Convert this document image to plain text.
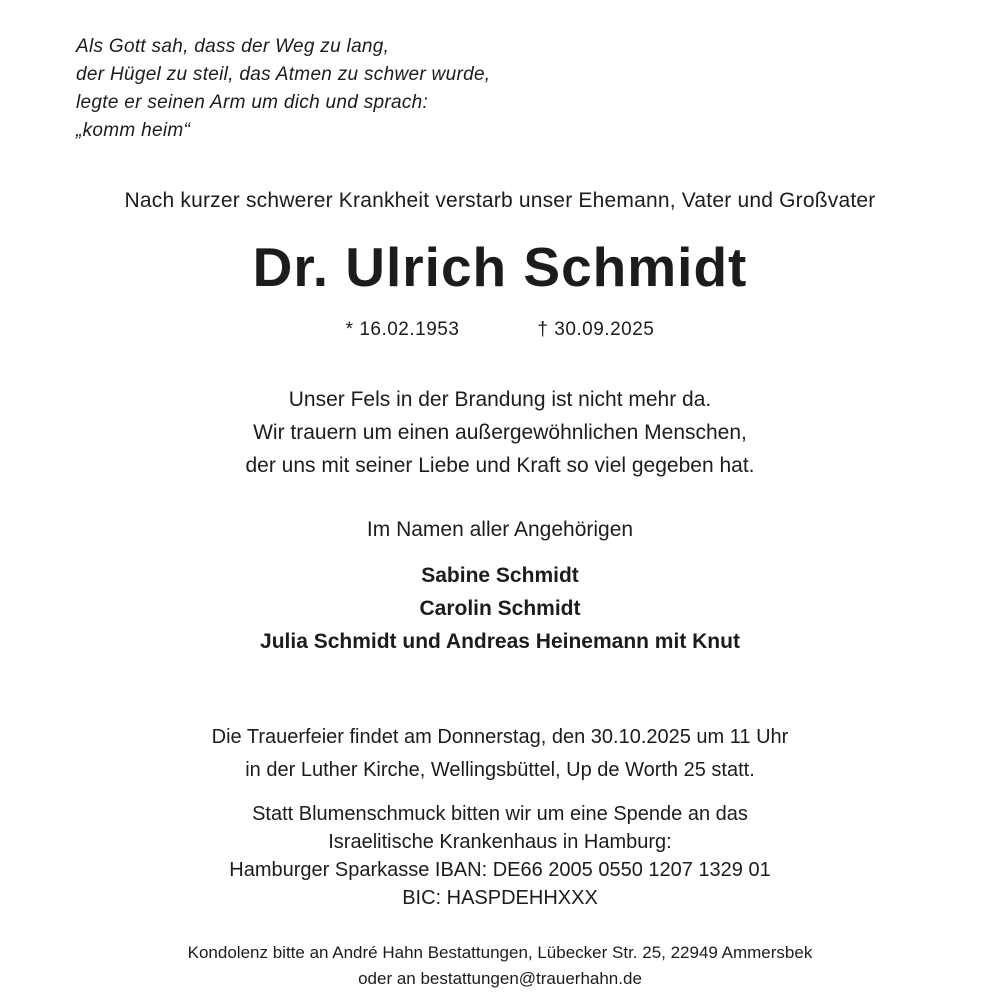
Als Gott sah, dass der Weg zu lang,
der Hügel zu steil, das Atmen zu schwer wurde,
legte er seinen Arm um dich und sprach:
„komm heim“
Nach kurzer schwerer Krankheit verstarb unser Ehemann, Vater und Großvater
Dr. Ulrich Schmidt
* 16.02.1953	† 30.09.2025
Unser Fels in der Brandung ist nicht mehr da.
Wir trauern um einen außergewöhnlichen Menschen,
der uns mit seiner Liebe und Kraft so viel gegeben hat.
Im Namen aller Angehörigen
Sabine Schmidt
Carolin Schmidt
Julia Schmidt und Andreas Heinemann mit Knut
Die Trauerfeier findet am Donnerstag, den 30.10.2025 um 11 Uhr
in der Luther Kirche, Wellingsbüttel, Up de Worth 25 statt.
Statt Blumenschmuck bitten wir um eine Spende an das
Israelitische Krankenhaus in Hamburg:
Hamburger Sparkasse IBAN: DE66 2005 0550 1207 1329 01
BIC: HASPDEHHXXX
Kondolenz bitte an André Hahn Bestattungen, Lübecker Str. 25, 22949 Ammersbek
oder an bestattungen@trauerhahn.de
